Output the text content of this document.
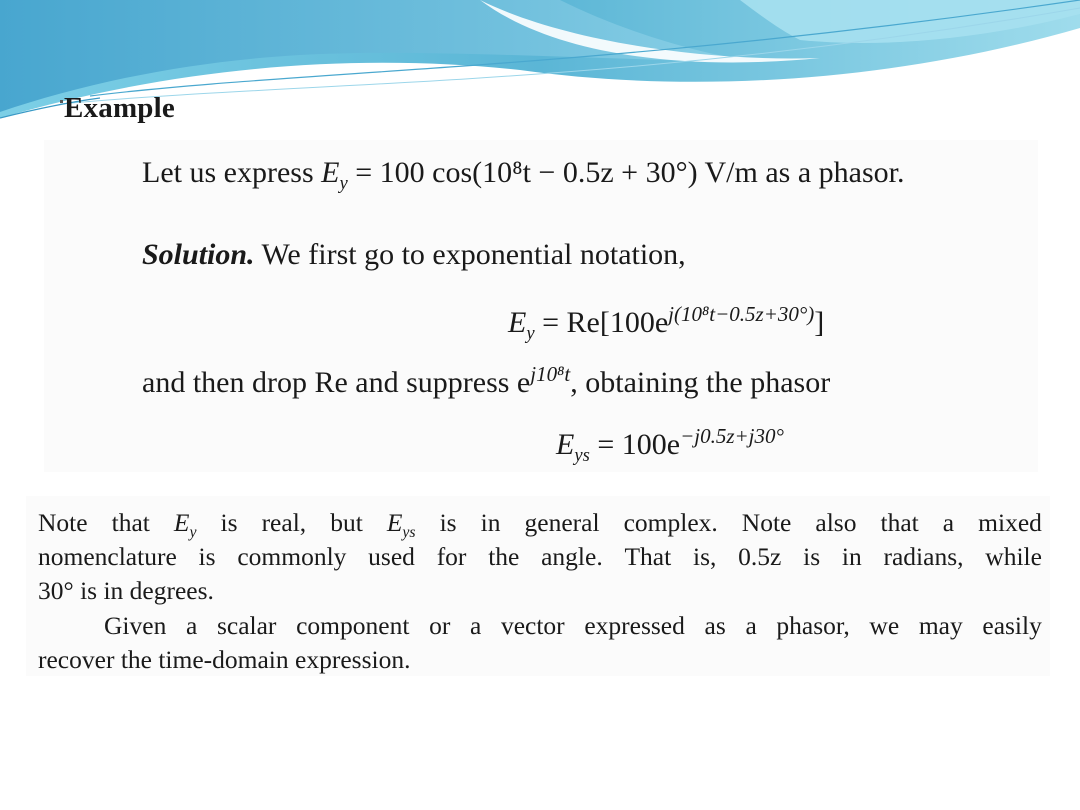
Example
Let us express $E_y = 100$ cos(10⁸t − 0.5z + 30°) V/m as a phasor.
Solution. We first go to exponential notation,
$E_y = Re[100e^{j(10^8t-0.5z+30^\circ)}]$
and then drop Re and suppress $e^{j10^8t}$, obtaining the phasor
$E_{ys} = 100e^{-j0.5z+j30^\circ}$
Note that $E_y$ is real, but $E_{ys}$ is in general complex. Note also that a mixed
nomenclature is commonly used for the angle. That is, 0.5z is in radians, while
30° is in degrees.
Given a scalar component or a vector expressed as a phasor, we may easily
recover the time-domain expression.
